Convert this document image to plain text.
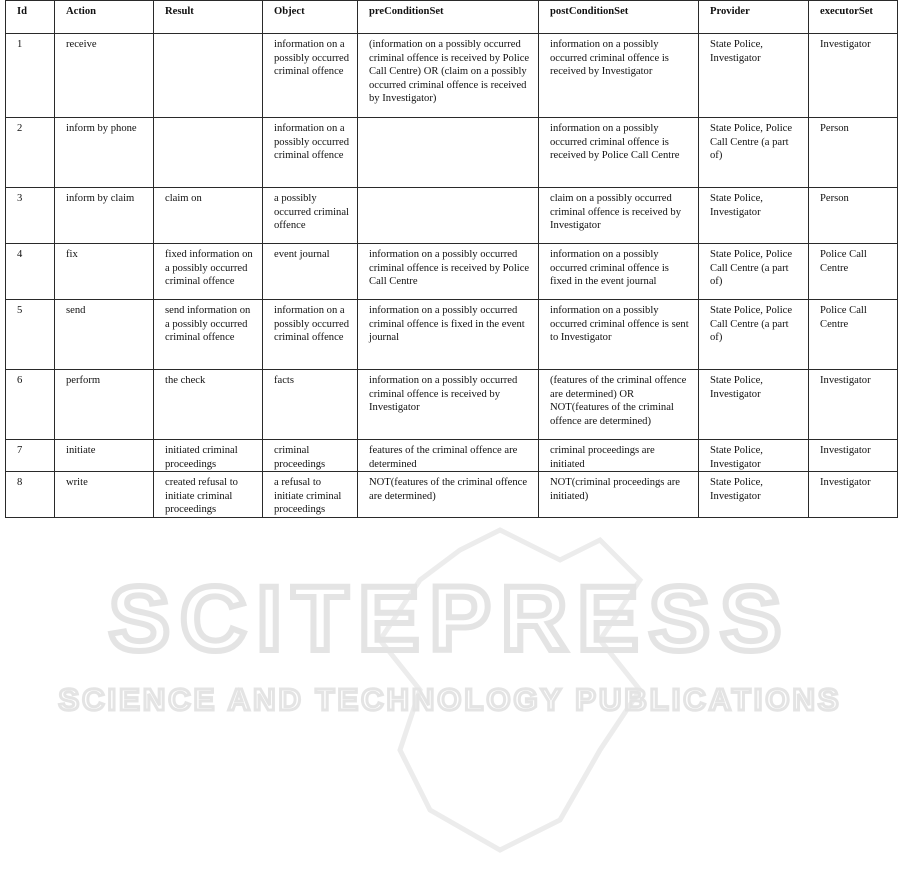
SCITEPRESS
SCIENCE AND TECHNOLOGY PUBLICATIONS
Id	Action	Result	Object	preConditionSet	postConditionSet	Provider	executorSet
1	receive		information on a possibly occurred criminal offence	(information on a possibly occurred criminal offence is received by Police Call Centre) OR (claim on a possibly occurred criminal offence is received by Investigator)	information on a possibly occurred criminal offence is received by Investigator	State Police, Investigator	Investigator
2	inform by phone		information on a possibly occurred criminal offence		information on a possibly occurred criminal offence is received by Police Call Centre	State Police, Police Call Centre (a part of)	Person
3	inform by claim	claim on	a possibly occurred criminal offence		claim on a possibly occurred criminal offence is received by Investigator	State Police, Investigator	Person
4	fix	fixed information on a possibly occurred criminal offence	event journal	information on a possibly occurred criminal offence is received by Police Call Centre	information on a possibly occurred criminal offence is fixed in the event journal	State Police, Police Call Centre (a part of)	Police Call Centre
5	send	send information on a possibly occurred criminal offence	information on a possibly occurred criminal offence	information on a possibly occurred criminal offence is fixed in the event journal	information on a possibly occurred criminal offence is sent to Investigator	State Police, Police Call Centre (a part of)	Police Call Centre
6	perform	the check	facts	information on a possibly occurred criminal offence is received by Investigator	(features of the criminal offence are determined) OR NOT(features of the criminal offence are determined)	State Police, Investigator	Investigator
7	initiate	initiated criminal proceedings	criminal proceedings	features of the criminal offence are determined	criminal proceedings are initiated	State Police, Investigator	Investigator
8	write	created refusal to initiate criminal proceedings	a refusal to initiate criminal proceedings	NOT(features of the criminal offence are determined)	NOT(criminal proceedings are initiated)	State Police, Investigator	Investigator
